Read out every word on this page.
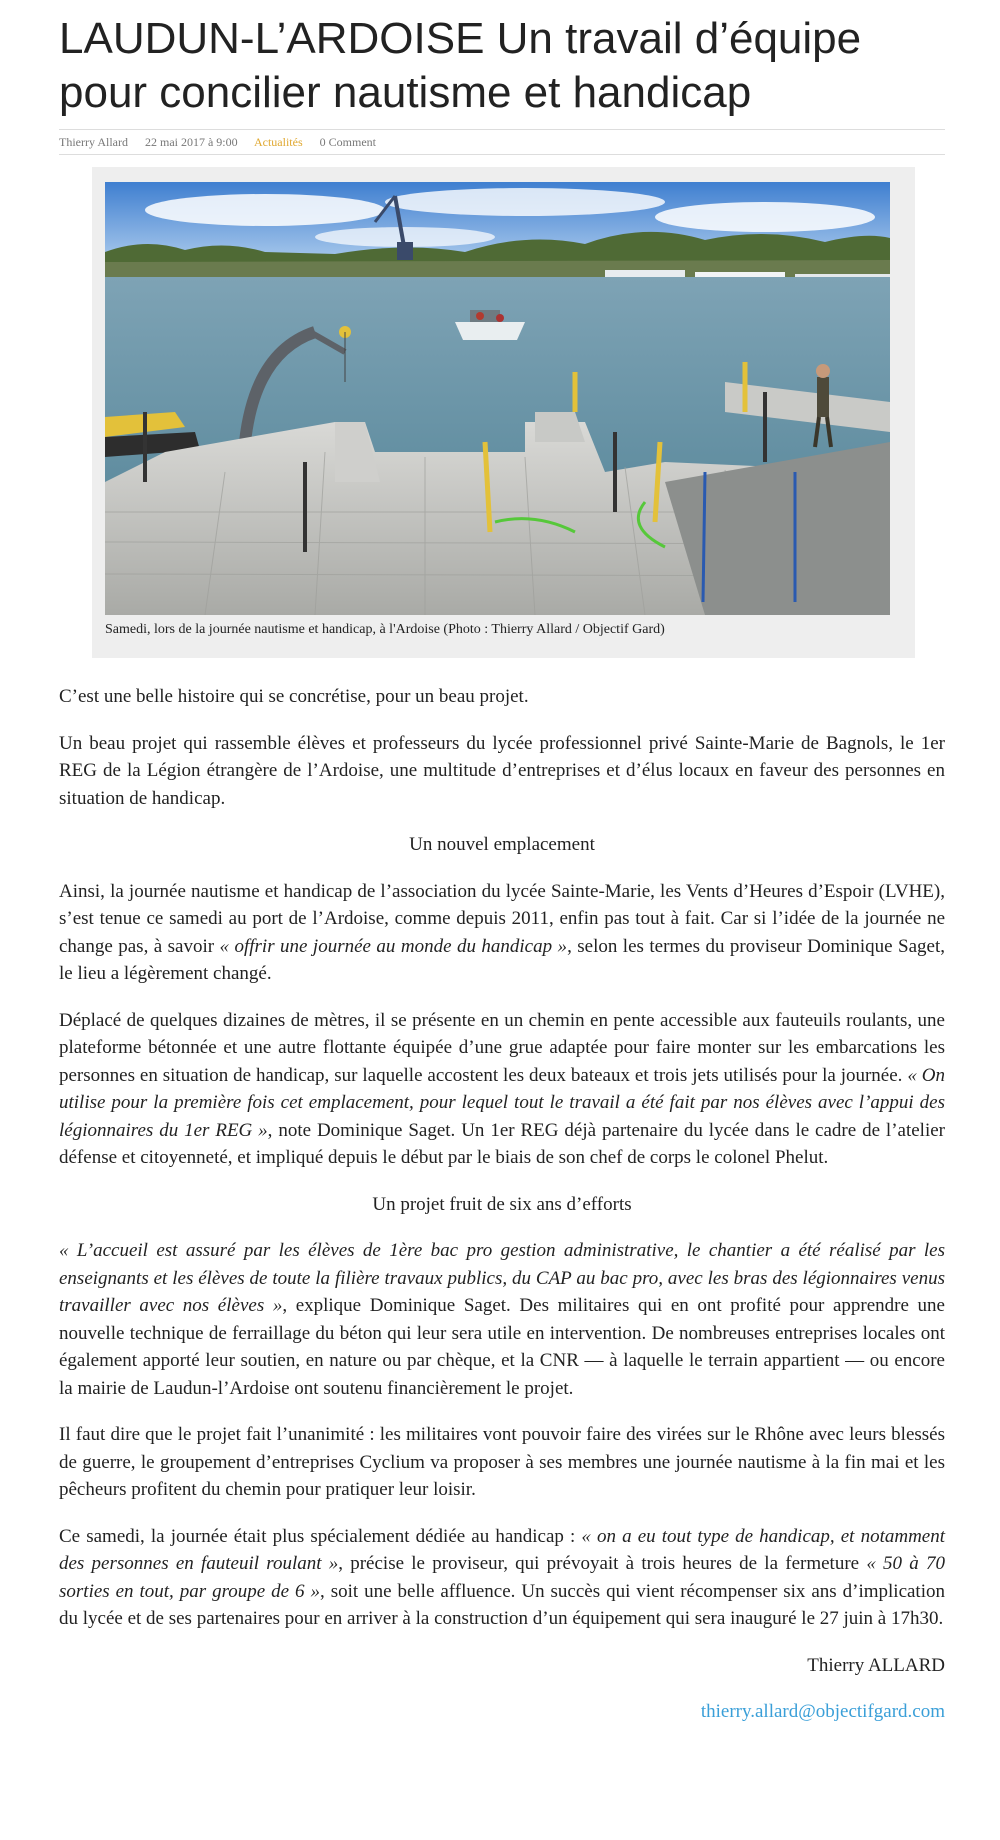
LAUDUN-L’ARDOISE Un travail d’équipe pour concilier nautisme et handicap
Thierry Allard 22 mai 2017 à 9:00 Actualités 0 Comment
Samedi, lors de la journée nautisme et handicap, à l'Ardoise (Photo : Thierry Allard / Objectif Gard)

C’est une belle histoire qui se concrétise, pour un beau projet.

Un beau projet qui rassemble élèves et professeurs du lycée professionnel privé Sainte-Marie de Bagnols, le 1er REG de la Légion étrangère de l’Ardoise, une multitude d’entreprises et d’élus locaux en faveur des personnes en situation de handicap.

Un nouvel emplacement

Ainsi, la journée nautisme et handicap de l’association du lycée Sainte-Marie, les Vents d’Heures d’Espoir (LVHE), s’est tenue ce samedi au port de l’Ardoise, comme depuis 2011, enfin pas tout à fait. Car si l’idée de la journée ne change pas, à savoir « offrir une journée au monde du handicap », selon les termes du proviseur Dominique Saget, le lieu a légèrement changé.

Déplacé de quelques dizaines de mètres, il se présente en un chemin en pente accessible aux fauteuils roulants, une plateforme bétonnée et une autre flottante équipée d’une grue adaptée pour faire monter sur les embarcations les personnes en situation de handicap, sur laquelle accostent les deux bateaux et trois jets utilisés pour la journée. « On utilise pour la première fois cet emplacement, pour lequel tout le travail a été fait par nos élèves avec l’appui des légionnaires du 1er REG », note Dominique Saget. Un 1er REG déjà partenaire du lycée dans le cadre de l’atelier défense et citoyenneté, et impliqué depuis le début par le biais de son chef de corps le colonel Phelut.

Un projet fruit de six ans d’efforts

« L’accueil est assuré par les élèves de 1ère bac pro gestion administrative, le chantier a été réalisé par les enseignants et les élèves de toute la filière travaux publics, du CAP au bac pro, avec les bras des légionnaires venus travailler avec nos élèves », explique Dominique Saget. Des militaires qui en ont profité pour apprendre une nouvelle technique de ferraillage du béton qui leur sera utile en intervention. De nombreuses entreprises locales ont également apporté leur soutien, en nature ou par chèque, et la CNR — à laquelle le terrain appartient — ou encore la mairie de Laudun-l’Ardoise ont soutenu financièrement le projet.

Il faut dire que le projet fait l’unanimité : les militaires vont pouvoir faire des virées sur le Rhône avec leurs blessés de guerre, le groupement d’entreprises Cyclium va proposer à ses membres une journée nautisme à la fin mai et les pêcheurs profitent du chemin pour pratiquer leur loisir.

Ce samedi, la journée était plus spécialement dédiée au handicap : « on a eu tout type de handicap, et notamment des personnes en fauteuil roulant », précise le proviseur, qui prévoyait à trois heures de la fermeture « 50 à 70 sorties en tout, par groupe de 6 », soit une belle affluence. Un succès qui vient récompenser six ans d’implication du lycée et de ses partenaires pour en arriver à la construction d’un équipement qui sera inauguré le 27 juin à 17h30.

Thierry ALLARD

thierry.allard@objectifgard.com
